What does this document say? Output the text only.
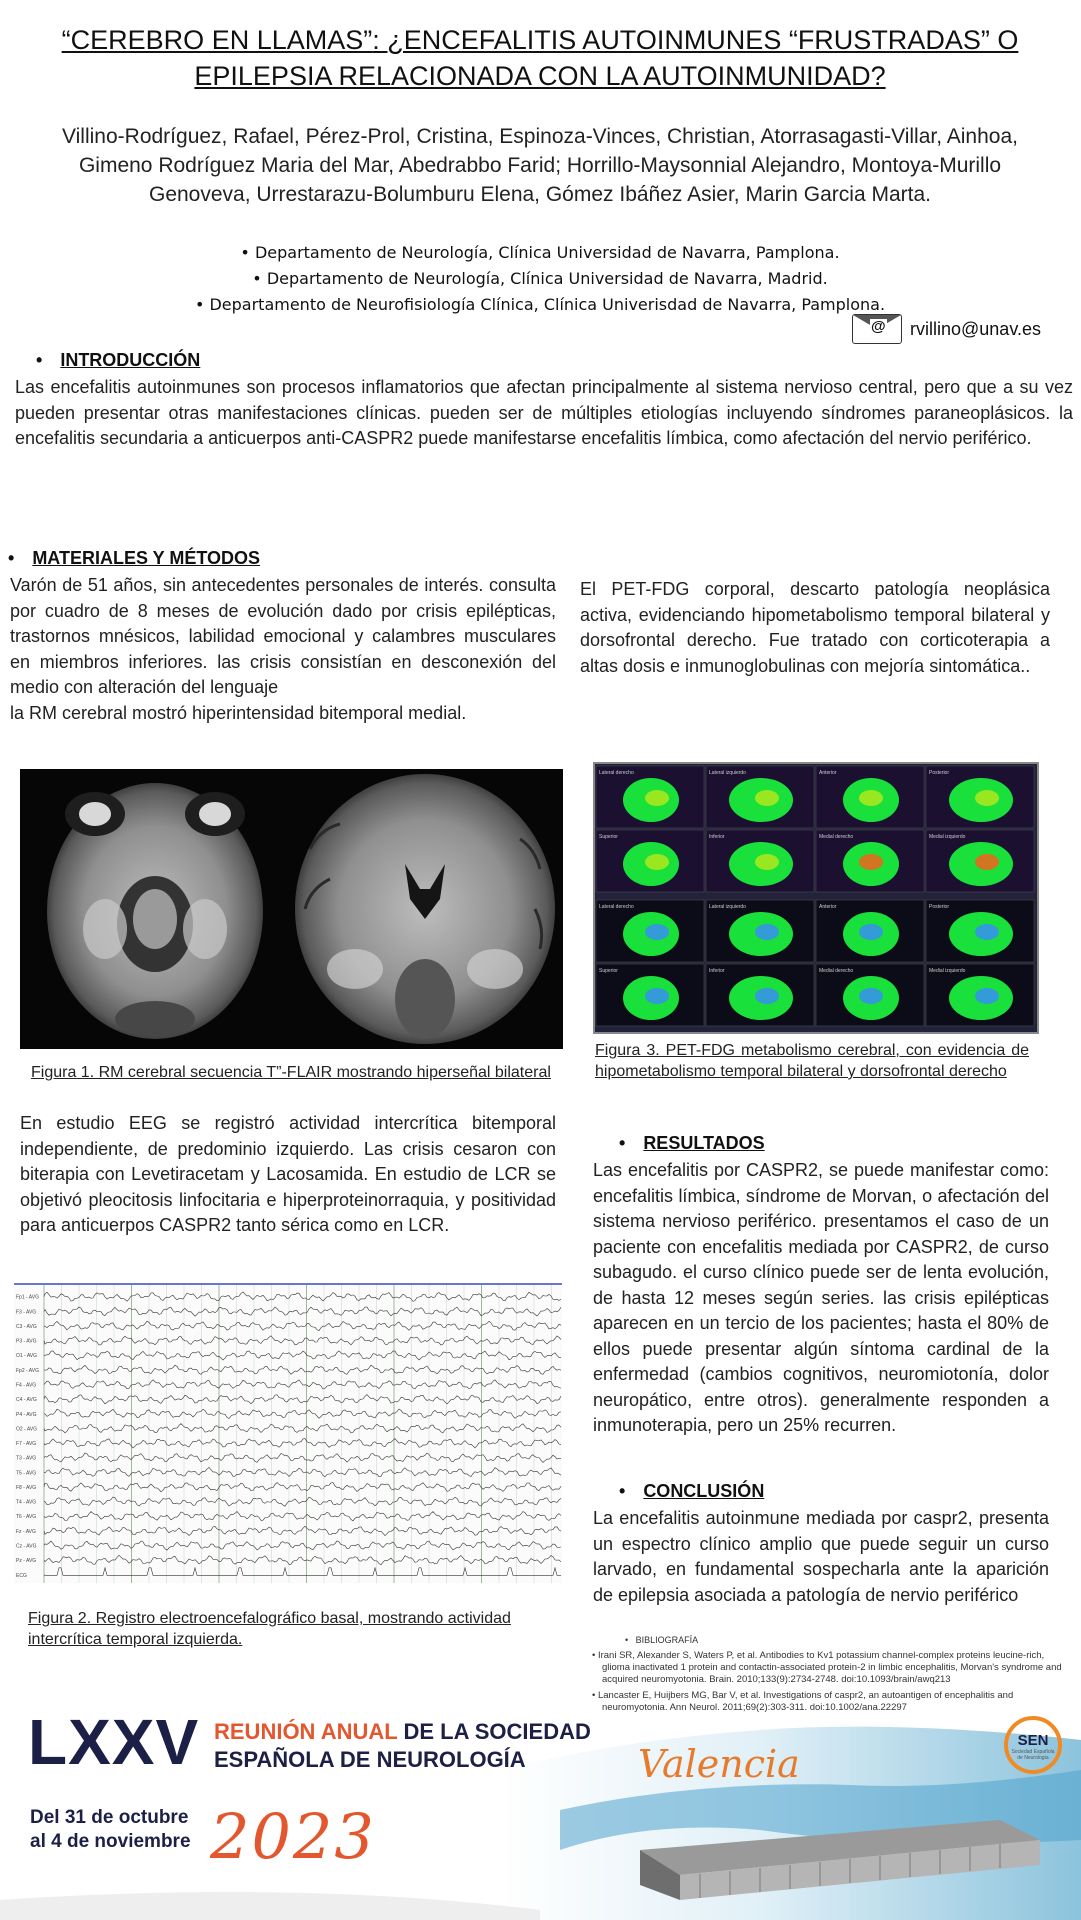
“CEREBRO EN LLAMAS”: ¿ENCEFALITIS AUTOINMUNES “FRUSTRADAS” O EPILEPSIA RELACIONADA CON LA AUTOINMUNIDAD?
Villino-Rodríguez, Rafael, Pérez-Prol, Cristina, Espinoza-Vinces, Christian, Atorrasagasti-Villar, Ainhoa, Gimeno Rodríguez Maria del Mar, Abedrabbo Farid; Horrillo-Maysonnial Alejandro, Montoya-Murillo Genoveva, Urrestarazu-Bolumburu Elena, Gómez Ibáñez Asier, Marin Garcia Marta.
• Departamento de Neurología, Clínica Universidad de Navarra, Pamplona.
• Departamento de Neurología, Clínica Universidad de Navarra, Madrid.
• Departamento de Neurofisiología Clínica, Clínica Univerisdad de Navarra, Pamplona.
@ rvillino@unav.es
• INTRODUCCIÓN
Las encefalitis autoinmunes son procesos inflamatorios que afectan principalmente al sistema nervioso central, pero que a su vez pueden presentar otras manifestaciones clínicas. pueden ser de múltiples etiologías incluyendo síndromes paraneoplásicos. la encefalitis secundaria a anticuerpos anti-CASPR2 puede manifestarse encefalitis límbica, como afectación del nervio periférico.
• MATERIALES Y MÉTODOS
Varón de 51 años, sin antecedentes personales de interés. consulta por cuadro de 8 meses de evolución dado por crisis epilépticas, trastornos mnésicos, labilidad emocional y calambres musculares en miembros inferiores. las crisis consistían en desconexión del medio con alteración del lenguaje
la RM cerebral mostró hiperintensidad bitemporal medial.
El PET-FDG corporal, descarto patología neoplásica activa, evidenciando hipometabolismo temporal bilateral y dorsofrontal derecho. Fue tratado con corticoterapia a altas dosis e inmunoglobulinas con mejoría sintomática..
Figura 1. RM cerebral secuencia T”-FLAIR mostrando hiperseñal bilateral
Lateral derecho	Lateral izquierdo	Anterior	Posterior
Superior	Inferior	Medial derecho	Medial izquierdo
Lateral derecho	Lateral izquierdo	Anterior	Posterior
Superior	Inferior	Medial derecho	Medial izquierdo
Figura 3. PET-FDG metabolismo cerebral, con evidencia de hipometabolismo temporal bilateral y dorsofrontal derecho
En estudio EEG se registró actividad intercrítica bitemporal independiente, de predominio izquierdo. Las crisis cesaron con biterapia con Levetiracetam y Lacosamida. En estudio de LCR se objetivó pleocitosis linfocitaria e hiperproteinorraquia, y positividad para anticuerpos CASPR2 tanto sérica como en LCR.
Fp1 - AVG
F3 - AVG
C3 - AVG
P3 - AVG
O1 - AVG
Fp2 - AVG
F4 - AVG
C4 - AVG
P4 - AVG
O2 - AVG
F7 - AVG
T3 - AVG
T5 - AVG
F8 - AVG
T4 - AVG
T6 - AVG
Fz - AVG
Cz - AVG
Pz - AVG
ECG
Figura 2. Registro electroencefalográfico basal, mostrando actividad intercrítica temporal izquierda.
• RESULTADOS
Las encefalitis por CASPR2, se puede manifestar como: encefalitis límbica, síndrome de Morvan, o afectación del sistema nervioso periférico. presentamos el caso de un paciente con encefalitis mediada por CASPR2, de curso subagudo. el curso clínico puede ser de lenta evolución, de hasta 12 meses según series. las crisis epilépticas aparecen en un tercio de los pacientes; hasta el 80% de ellos puede presentar algún síntoma cardinal de la enfermedad (cambios cognitivos, neuromiotonía, dolor neuropático, entre otros). generalmente responden a inmunoterapia, pero un 25% recurren.
• CONCLUSIÓN
La encefalitis autoinmune mediada por caspr2, presenta un espectro clínico amplio que puede seguir un curso larvado, en fundamental sospecharla ante la aparición de epilepsia asociada a patología de nervio periférico
•   BIBLIOGRAFÍA
• Irani SR, Alexander S, Waters P, et al. Antibodies to Kv1 potassium channel-complex proteins leucine-rich, glioma inactivated 1 protein and contactin-associated protein-2 in limbic encephalitis, Morvan's syndrome and acquired neuromyotonia. Brain. 2010;133(9):2734-2748. doi:10.1093/brain/awq213
• Lancaster E, Huijbers MG, Bar V, et al. Investigations of caspr2, an autoantigen of encephalitis and neuromyotonia. Ann Neurol. 2011;69(2):303-311. doi:10.1002/ana.22297
LXXV REUNIÓN ANUAL DE LA SOCIEDAD
ESPAÑOLA DE NEUROLOGÍA	Valencia
Del 31 de octubre
al 4 de noviembre 2023
SEN
Sociedad Española de Neurología
